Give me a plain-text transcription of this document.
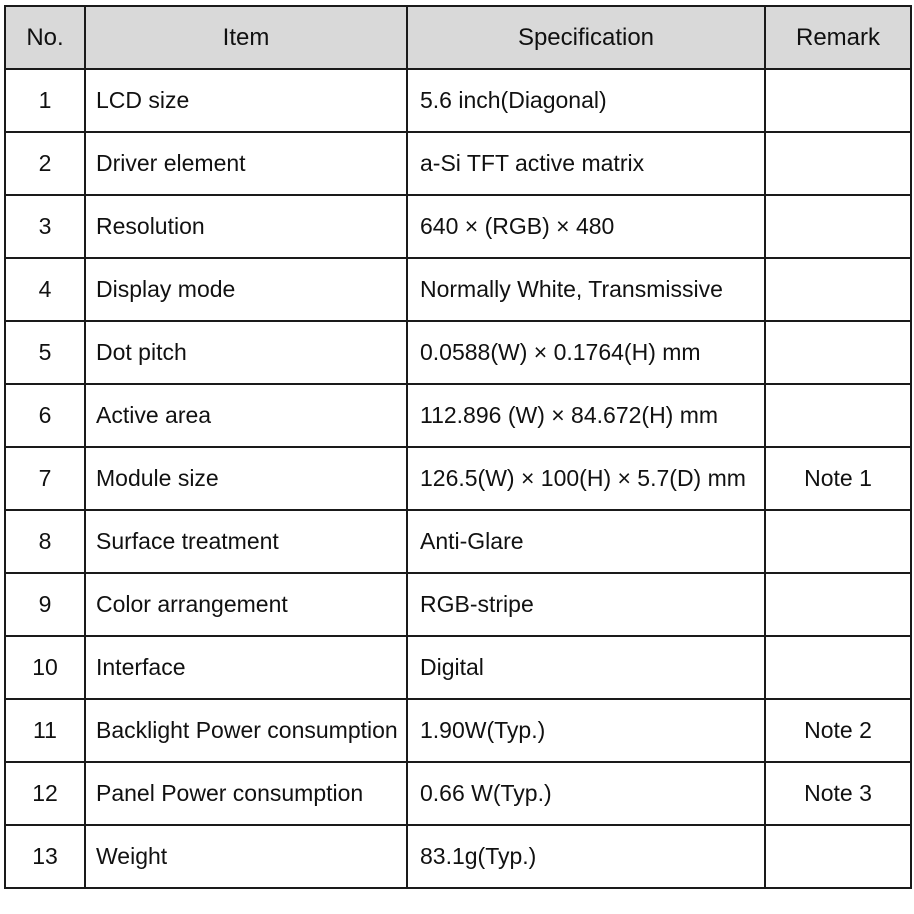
No.	Item	Specification	Remark
1	LCD size	5.6 inch(Diagonal)	
2	Driver element	a-Si TFT active matrix	
3	Resolution	640 × (RGB) × 480	
4	Display mode	Normally White, Transmissive	
5	Dot pitch	0.0588(W) × 0.1764(H) mm	
6	Active area	112.896 (W) × 84.672(H) mm	
7	Module size	126.5(W) × 100(H) × 5.7(D) mm	Note 1
8	Surface treatment	Anti-Glare	
9	Color arrangement	RGB-stripe	
10	Interface	Digital	
11	Backlight Power consumption	1.90W(Typ.)	Note 2
12	Panel Power consumption	0.66 W(Typ.)	Note 3
13	Weight	83.1g(Typ.)	
